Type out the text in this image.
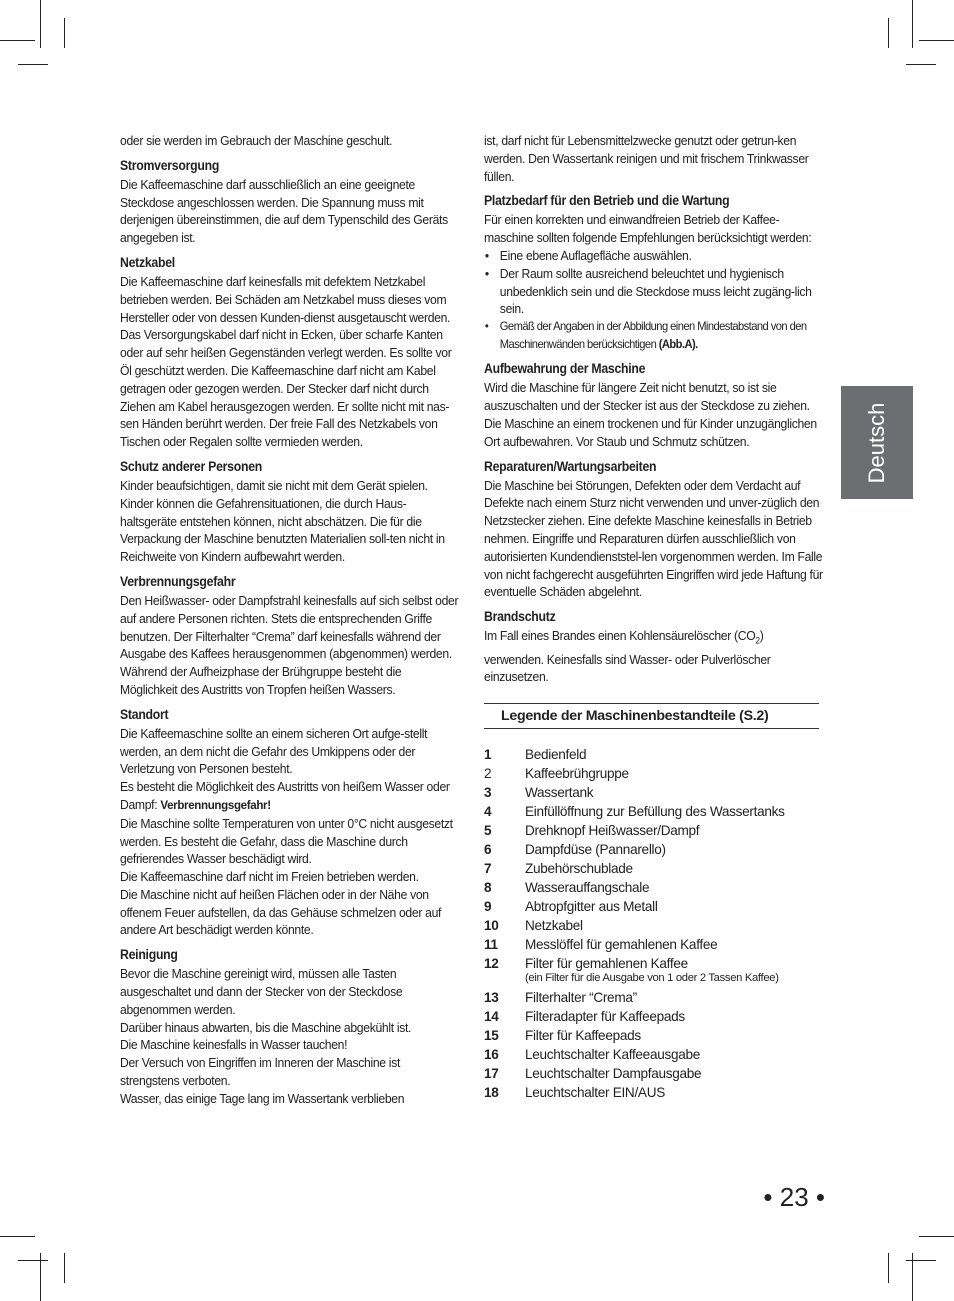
oder sie werden im Gebrauch der Maschine geschult.

Stromversorgung

Die Kaffeemaschine darf ausschließlich an eine geeignete Steckdose angeschlossen werden. Die Spannung muss mit derjenigen übereinstimmen, die auf dem Typenschild des Geräts angegeben ist.

Netzkabel

Die Kaffeemaschine darf keinesfalls mit defektem Netzkabel betrieben werden. Bei Schäden am Netzkabel muss dieses vom Hersteller oder von dessen Kunden-dienst ausgetauscht werden. Das Versorgungskabel darf nicht in Ecken, über scharfe Kanten oder auf sehr heißen Gegenständen verlegt werden. Es sollte vor Öl geschützt werden. Die Kaffeemaschine darf nicht am Kabel getragen oder gezogen werden. Der Stecker darf nicht durch Ziehen am Kabel herausgezogen werden. Er sollte nicht mit nas-sen Händen berührt werden. Der freie Fall des Netzkabels von Tischen oder Regalen sollte vermieden werden.

Schutz anderer Personen

Kinder beaufsichtigen, damit sie nicht mit dem Gerät spielen.

Kinder können die Gefahrensituationen, die durch Haus-haltsgeräte entstehen können, nicht abschätzen. Die für die Verpackung der Maschine benutzten Materialien soll-ten nicht in Reichweite von Kindern aufbewahrt werden.

Verbrennungsgefahr

Den Heißwasser- oder Dampfstrahl keinesfalls auf sich selbst oder auf andere Personen richten. Stets die entsprechenden Griffe benutzen. Der Filterhalter “Crema” darf keinesfalls während der Ausgabe des Kaffees herausgenommen (abgenommen) werden. Während der Aufheizphase der Brühgruppe besteht die Möglichkeit des Austritts von Tropfen heißen Wassers.

Standort

Die Kaffeemaschine sollte an einem sicheren Ort aufge-stellt werden, an dem nicht die Gefahr des Umkippens oder der Verletzung von Personen besteht.

Es besteht die Möglichkeit des Austritts von heißem Wasser oder Dampf: Verbrennungsgefahr!

Die Maschine sollte Temperaturen von unter 0°C nicht ausgesetzt werden. Es besteht die Gefahr, dass die Maschine durch gefrierendes Wasser beschädigt wird.

Die Kaffeemaschine darf nicht im Freien betrieben werden.

Die Maschine nicht auf heißen Flächen oder in der Nähe von offenem Feuer aufstellen, da das Gehäuse schmelzen oder auf andere Art beschädigt werden könnte.

Reinigung

Bevor die Maschine gereinigt wird, müssen alle Tasten ausgeschaltet und dann der Stecker von der Steckdose abgenommen werden.

Darüber hinaus abwarten, bis die Maschine abgekühlt ist.

Die Maschine keinesfalls in Wasser tauchen!

Der Versuch von Eingriffen im Inneren der Maschine ist strengstens verboten.

Wasser, das einige Tage lang im Wassertank verblieben

ist, darf nicht für Lebensmittelzwecke genutzt oder getrun-ken werden. Den Wassertank reinigen und mit frischem Trinkwasser füllen.

Platzbedarf für den Betrieb und die Wartung

Für einen korrekten und einwandfreien Betrieb der Kaffee-maschine sollten folgende Empfehlungen berücksichtigt werden:

• Eine ebene Auflagefläche auswählen.
• Der Raum sollte ausreichend beleuchtet und hygienisch unbedenklich sein und die Steckdose muss leicht zugäng-lich sein.
• Gemäß der Angaben in der Abbildung einen Mindestabstand von den Maschinenwänden berücksichtigen (Abb.A).
Aufbewahrung der Maschine

Wird die Maschine für längere Zeit nicht benutzt, so ist sie auszuschalten und der Stecker ist aus der Steckdose zu ziehen. Die Maschine an einem trockenen und für Kinder unzugänglichen Ort aufbewahren. Vor Staub und Schmutz schützen.

Reparaturen/Wartungsarbeiten

Die Maschine bei Störungen, Defekten oder dem Verdacht auf Defekte nach einem Sturz nicht verwenden und unver-züglich den Netzstecker ziehen. Eine defekte Maschine keinesfalls in Betrieb nehmen. Eingriffe und Reparaturen dürfen ausschließlich von autorisierten Kundendienststel-len vorgenommen werden. Im Falle von nicht fachgerecht ausgeführten Eingriffen wird jede Haftung für eventuelle Schäden abgelehnt.

Brandschutz

Im Fall eines Brandes einen Kohlensäurelöscher $(CO_2)$ verwenden. Keinesfalls sind Wasser- oder Pulverlöscher einzusetzen.

Legende der Maschinenbestandteile (S.2)
1	Bedienfeld
2	Kaffeebrühgruppe
3	Wassertank
4	Einfüllöffnung zur Befüllung des Wassertanks
5	Drehknopf Heißwasser/Dampf
6	Dampfdüse (Pannarello)
7	Zubehörschublade
8	Wasserauffangschale
9	Abtropfgitter aus Metall
10	Netzkabel
11	Messlöffel für gemahlenen Kaffee
12	Filter für gemahlenen Kaffee
(ein Filter für die Ausgabe von 1 oder 2 Tassen Kaffee)
13	Filterhalter “Crema”
14	Filteradapter für Kaffeepads
15	Filter für Kaffeepads
16	Leuchtschalter Kaffeeausgabe
17	Leuchtschalter Dampfausgabe
18	Leuchtschalter EIN/AUS
Deutsch
• 23 •
